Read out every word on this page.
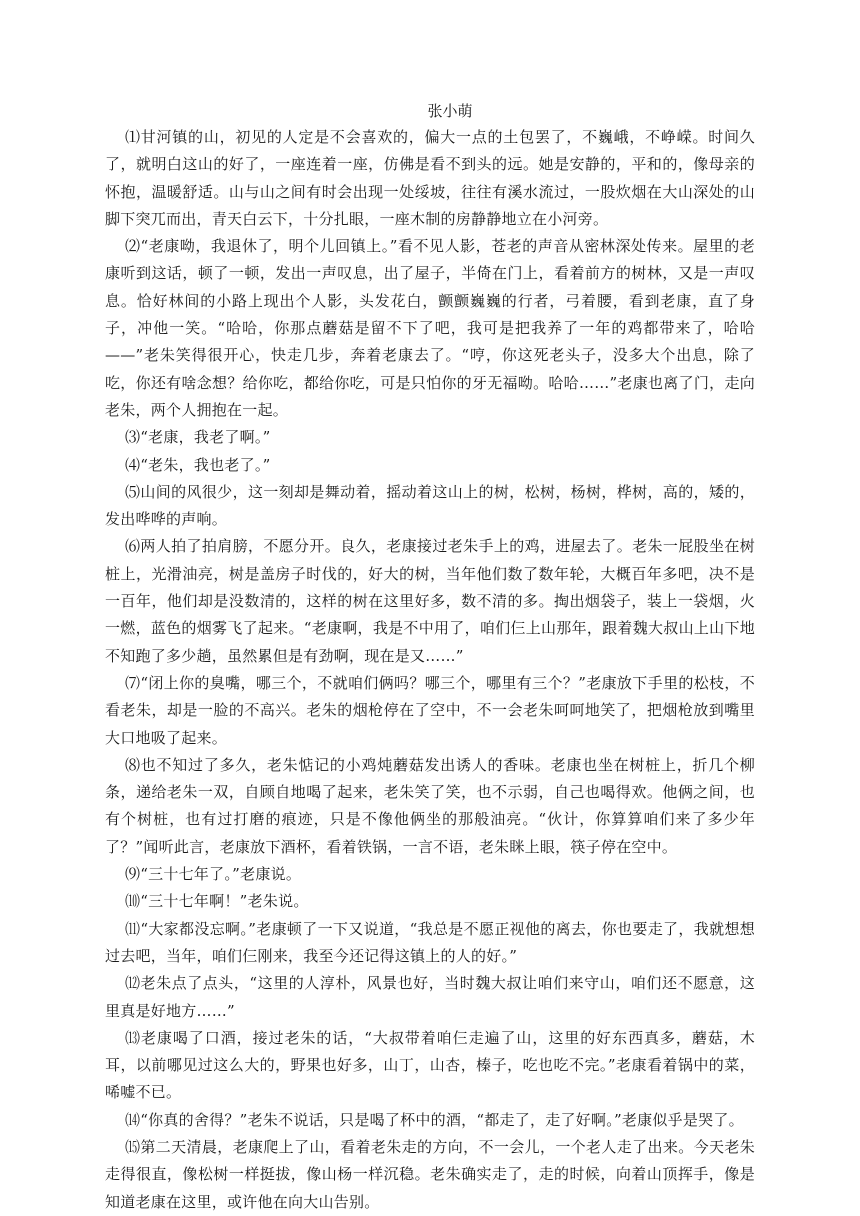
张小萌

⑴甘河镇的山，初见的人定是不会喜欢的，偏大一点的土包罢了，不巍峨，不峥嵘。时间久了，就明白这山的好了，一座连着一座，仿佛是看不到头的远。她是安静的，平和的，像母亲的怀抱，温暖舒适。山与山之间有时会出现一处绥坡，往往有溪水流过，一股炊烟在大山深处的山脚下突兀而出，青天白云下，十分扎眼，一座木制的房静静地立在小河旁。

⑵“老康呦，我退休了，明个儿回镇上。”看不见人影，苍老的声音从密林深处传来。屋里的老康听到这话，顿了一顿，发出一声叹息，出了屋子，半倚在门上，看着前方的树林，又是一声叹息。恰好林间的小路上现出个人影，头发花白，颤颤巍巍的行者，弓着腰，看到老康，直了身子，冲他一笑。“哈哈，你那点蘑菇是留不下了吧，我可是把我养了一年的鸡都带来了，哈哈——”老朱笑得很开心，快走几步，奔着老康去了。“哼，你这死老头子，没多大个出息，除了吃，你还有啥念想？给你吃，都给你吃，可是只怕你的牙无福呦。哈哈……”老康也离了门，走向老朱，两个人拥抱在一起。

⑶“老康，我老了啊。”

⑷“老朱，我也老了。”

⑸山间的风很少，这一刻却是舞动着，摇动着这山上的树，松树，杨树，桦树，高的，矮的，发出哗哗的声响。

⑹两人拍了拍肩膀，不愿分开。良久，老康接过老朱手上的鸡，进屋去了。老朱一屁股坐在树桩上，光滑油亮，树是盖房子时伐的，好大的树，当年他们数了数年轮，大概百年多吧，决不是一百年，他们却是没数清的，这样的树在这里好多，数不清的多。掏出烟袋子，装上一袋烟，火一燃，蓝色的烟雾飞了起来。“老康啊，我是不中用了，咱们仨上山那年，跟着魏大叔山上山下地不知跑了多少趟，虽然累但是有劲啊，现在是又……”

⑺“闭上你的臭嘴，哪三个，不就咱们俩吗？哪三个，哪里有三个？”老康放下手里的松枝，不看老朱，却是一脸的不高兴。老朱的烟枪停在了空中，不一会老朱呵呵地笑了，把烟枪放到嘴里大口地吸了起来。

⑻也不知过了多久，老朱惦记的小鸡炖蘑菇发出诱人的香味。老康也坐在树桩上，折几个柳条，递给老朱一双，自顾自地喝了起来，老朱笑了笑，也不示弱，自己也喝得欢。他俩之间，也有个树桩，也有过打磨的痕迹，只是不像他俩坐的那般油亮。“伙计，你算算咱们来了多少年了？”闻听此言，老康放下酒杯，看着铁锅，一言不语，老朱眯上眼，筷子停在空中。

⑼“三十七年了。”老康说。

⑽“三十七年啊！”老朱说。

⑾“大家都没忘啊。”老康顿了一下又说道，“我总是不愿正视他的离去，你也要走了，我就想想过去吧，当年，咱们仨刚来，我至今还记得这镇上的人的好。”

⑿老朱点了点头，“这里的人淳朴，风景也好，当时魏大叔让咱们来守山，咱们还不愿意，这里真是好地方……”

⒀老康喝了口酒，接过老朱的话，“大叔带着咱仨走遍了山，这里的好东西真多，蘑菇，木耳，以前哪见过这么大的，野果也好多，山丁，山杏，榛子，吃也吃不完。”老康看着锅中的菜，唏嘘不已。

⒁“你真的舍得？”老朱不说话，只是喝了杯中的酒，“都走了，走了好啊。”老康似乎是哭了。

⒂第二天清晨，老康爬上了山，看着老朱走的方向，不一会儿，一个老人走了出来。今天老朱走得很直，像松树一样挺拔，像山杨一样沉稳。老朱确实走了，走的时候，向着山顶挥手，像是知道老康在这里，或许他在向大山告别。
